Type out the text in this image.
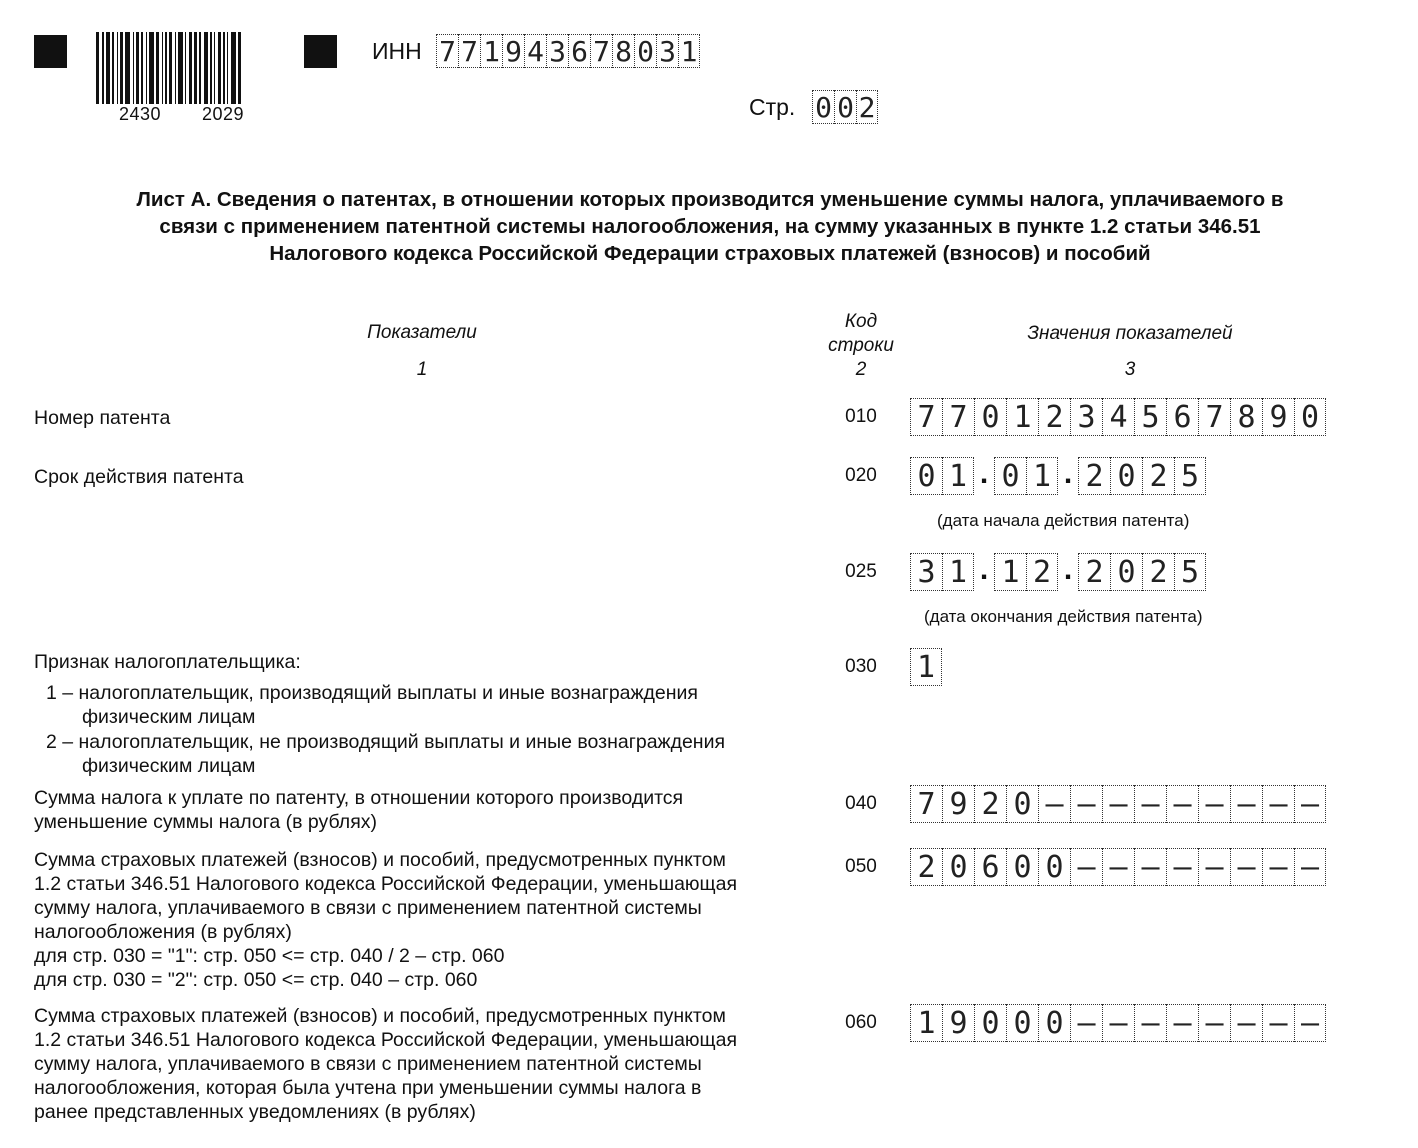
2430 2029
ИНН 7 7 1 9 4 3 6 7 8 0 3 1
Стр. 0 0 2
Лист А. Сведения о патентах, в отношении которых производится уменьшение суммы налога, уплачиваемого в связи с применением патентной системы налогообложения, на сумму указанных в пункте 1.2 статьи 346.51 Налогового кодекса Российской Федерации страховых платежей (взносов) и пособий
Показатели
1
Код
строки
2
Значения показателей
3
Номер патента	010	7 7 0 1 2 3 4 5 6 7 8 9 0
Срок действия патента	020	0 1 . 0 1 . 2 0 2 5
(дата начала действия патента)
025	3 1 . 1 2 . 2 0 2 5
(дата окончания действия патента)
Признак налогоплательщика:
1 – налогоплательщик, производящий выплаты и иные вознаграждения
физическим лицам
2 – налогоплательщик, не производящий выплаты и иные вознаграждения
физическим лицам
030	1
Сумма налога к уплате по патенту, в отношении которого производится
уменьшение суммы налога (в рублях)
040	7 9 2 0 – – – – – – – – –
Сумма страховых платежей (взносов) и пособий, предусмотренных пунктом
1.2 статьи 346.51 Налогового кодекса Российской Федерации, уменьшающая
сумму налога, уплачиваемого в связи с применением патентной системы
налогообложения (в рублях)
для стр. 030 = "1": стр. 050 <= стр. 040 / 2 – стр. 060
для стр. 030 = "2": стр. 050 <= стр. 040 – стр. 060
050	2 0 6 0 0 – – – – – – – –
Сумма страховых платежей (взносов) и пособий, предусмотренных пунктом
1.2 статьи 346.51 Налогового кодекса Российской Федерации, уменьшающая
сумму налога, уплачиваемого в связи с применением патентной системы
налогообложения, которая была учтена при уменьшении суммы налога в
ранее представленных уведомлениях (в рублях)
060	1 9 0 0 0 – – – – – – – –
